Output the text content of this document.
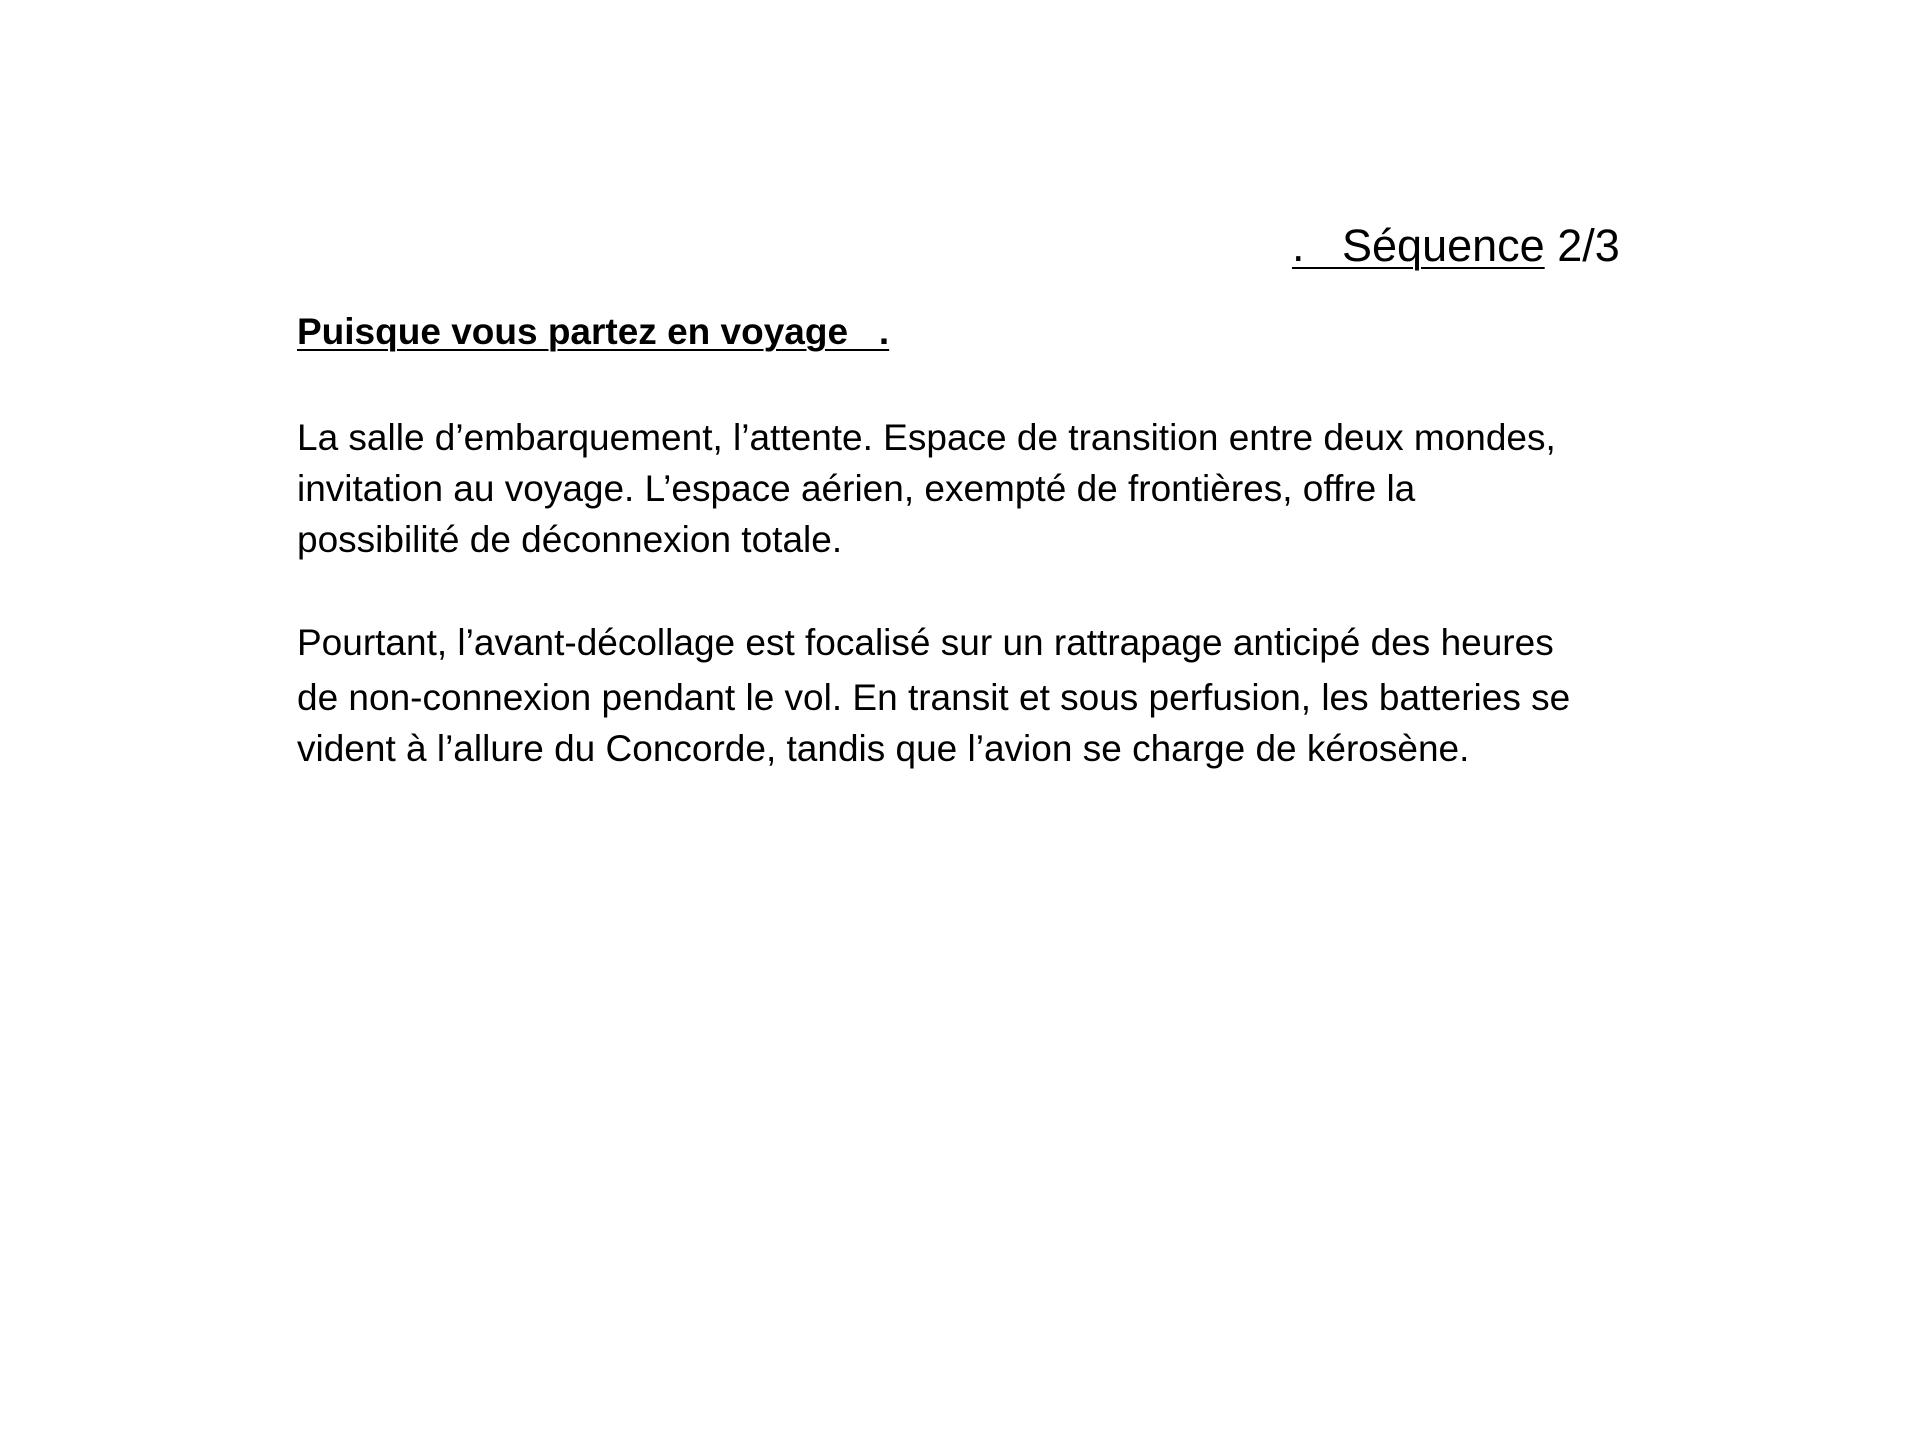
.   Séquence 2/3
Puisque vous partez en voyage   .
La salle d’embarquement, l’attente. Espace de transition entre deux mondes,
invitation au voyage. L’espace aérien, exempté de frontières, offre la
possibilité de déconnexion totale.
Pourtant, l’avant-décollage est focalisé sur un rattrapage anticipé des heures
de non-connexion pendant le vol. En transit et sous perfusion, les batteries se
vident à l’allure du Concorde, tandis que l’avion se charge de kérosène.
